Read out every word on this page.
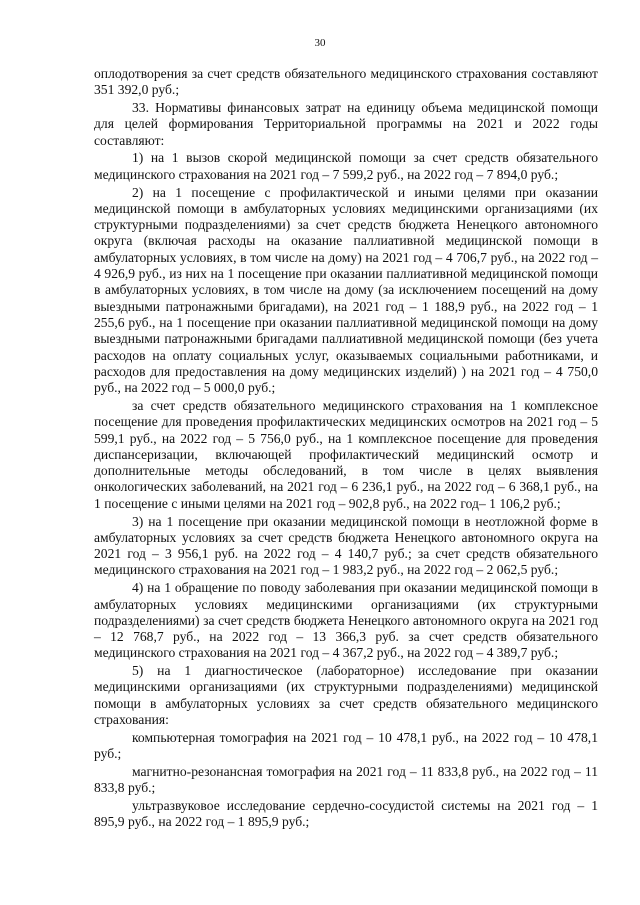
30

оплодотворения за счет средств обязательного медицинского страхования составляют 351 392,0 руб.;

33. Нормативы финансовых затрат на единицу объема медицинской помощи для целей формирования Территориальной программы на 2021 и 2022 годы составляют:

1) на 1 вызов скорой медицинской помощи за счет средств обязательного медицинского страхования на 2021 год – 7 599,2 руб., на 2022 год – 7 894,0 руб.;

2) на 1 посещение с профилактической и иными целями при оказании медицинской помощи в амбулаторных условиях медицинскими организациями (их структурными подразделениями) за счет средств бюджета Ненецкого автономного округа (включая расходы на оказание паллиативной медицинской помощи в амбулаторных условиях, в том числе на дому) на 2021 год – 4 706,7 руб., на 2022 год – 4 926,9 руб., из них на 1 посещение при оказании паллиативной медицинской помощи в амбулаторных условиях, в том числе на дому (за исключением посещений на дому выездными патронажными бригадами), на 2021 год – 1 188,9 руб., на 2022 год – 1 255,6 руб., на 1 посещение при оказании паллиативной медицинской помощи на дому выездными патронажными бригадами паллиативной медицинской помощи (без учета расходов на оплату социальных услуг, оказываемых социальными работниками, и расходов для предоставления на дому медицинских изделий) ) на 2021 год – 4 750,0 руб., на 2022 год – 5 000,0 руб.;

за счет средств обязательного медицинского страхования на 1 комплексное посещение для проведения профилактических медицинских осмотров на 2021 год – 5 599,1 руб., на 2022 год – 5 756,0 руб., на 1 комплексное посещение для проведения диспансеризации, включающей профилактический медицинский осмотр и дополнительные методы обследований, в том числе в целях выявления онкологических заболеваний, на 2021 год – 6 236,1 руб., на 2022 год – 6 368,1 руб., на 1 посещение с иными целями на 2021 год – 902,8 руб., на 2022 год– 1 106,2 руб.;

3) на 1 посещение при оказании медицинской помощи в неотложной форме в амбулаторных условиях за счет средств бюджета Ненецкого автономного округа на 2021 год – 3 956,1 руб. на 2022 год – 4 140,7 руб.; за счет средств обязательного медицинского страхования на 2021 год – 1 983,2 руб., на 2022 год – 2 062,5 руб.;

4) на 1 обращение по поводу заболевания при оказании медицинской помощи в амбулаторных условиях медицинскими организациями (их структурными подразделениями) за счет средств бюджета Ненецкого автономного округа на 2021 год – 12 768,7 руб., на 2022 год – 13 366,3 руб. за счет средств обязательного медицинского страхования на 2021 год – 4 367,2 руб., на 2022 год – 4 389,7 руб.;

5) на 1 диагностическое (лабораторное) исследование при оказании медицинскими организациями (их структурными подразделениями) медицинской помощи в амбулаторных условиях за счет средств обязательного медицинского страхования:

компьютерная томография на 2021 год – 10 478,1 руб., на 2022 год – 10 478,1 руб.;

магнитно-резонансная томография на 2021 год – 11 833,8 руб., на 2022 год – 11 833,8 руб.;

ультразвуковое исследование сердечно-сосудистой системы на 2021 год – 1 895,9 руб., на 2022 год – 1 895,9 руб.;
